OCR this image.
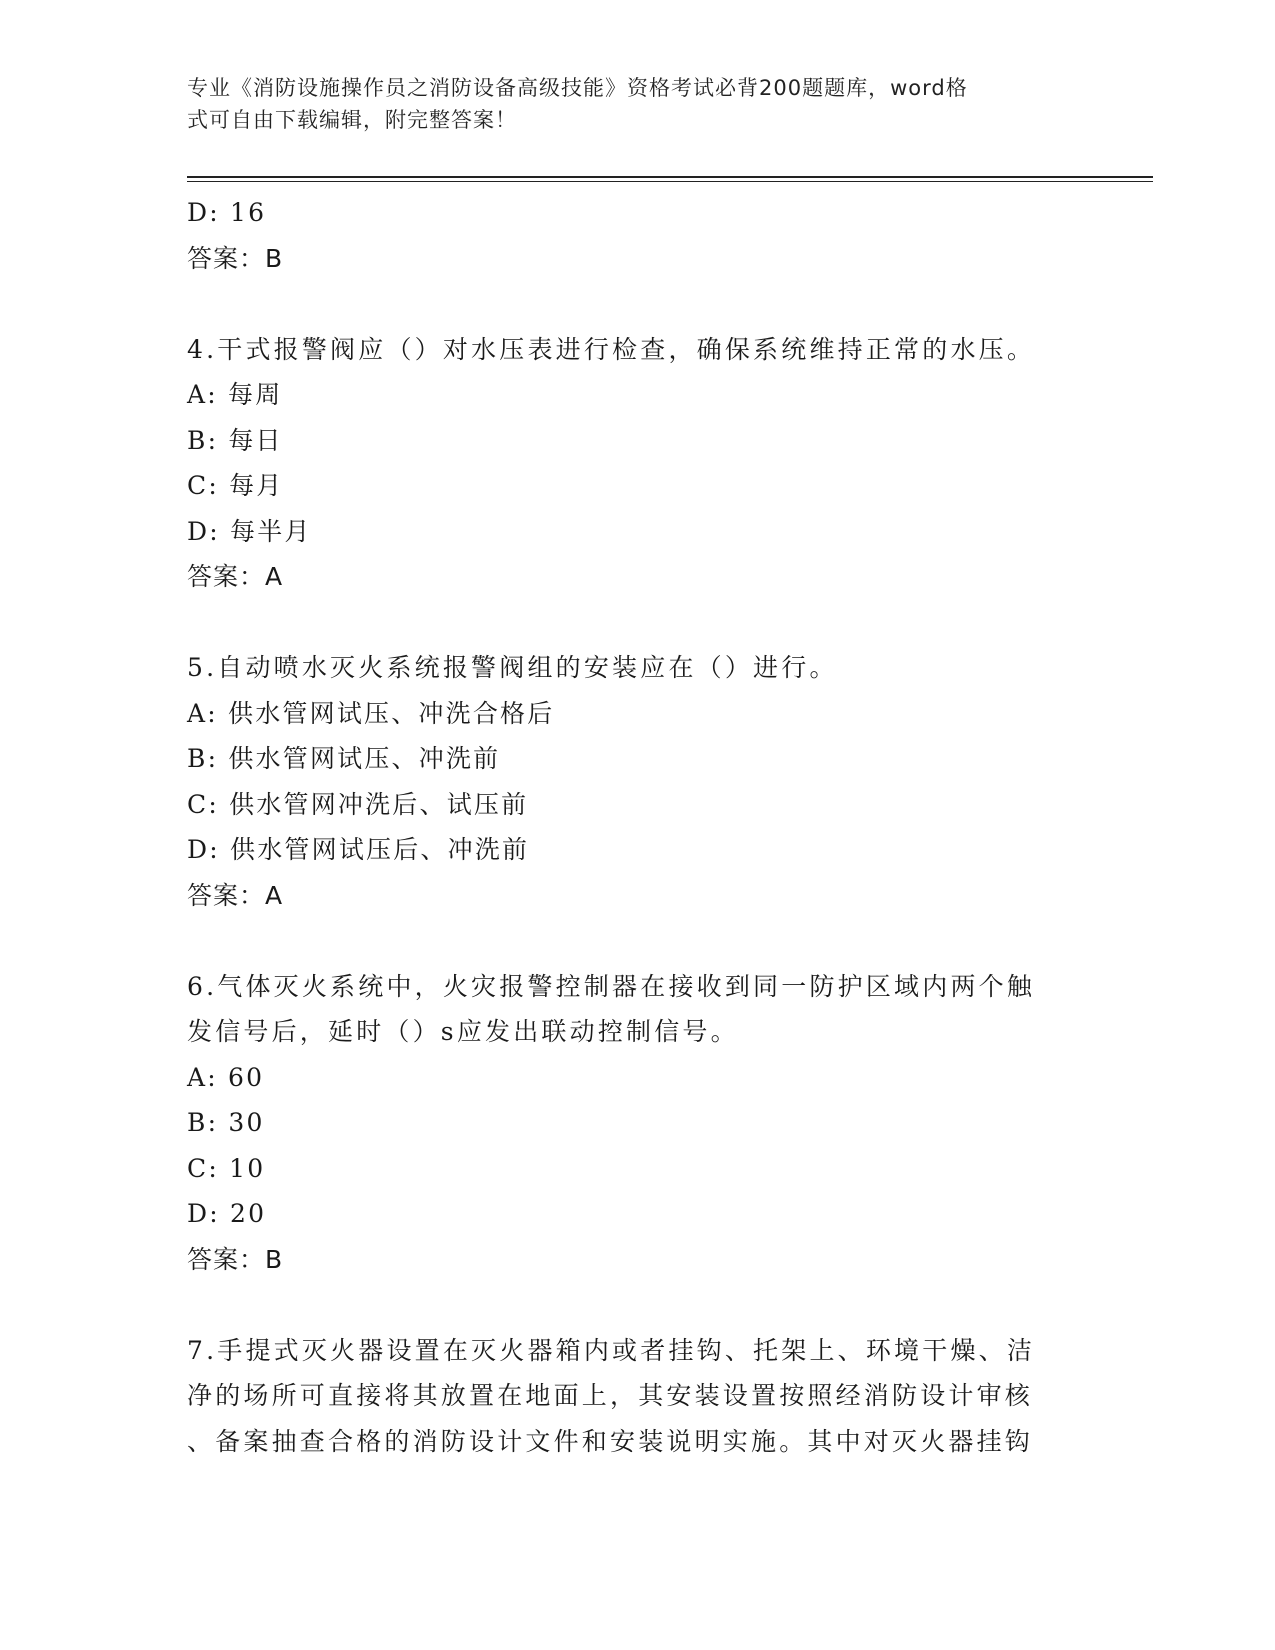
专业《消防设施操作员之消防设备高级技能》资格考试必背200题题库，word格
式可自由下载编辑，附完整答案！
D: 16
答案：B
4.干式报警阀应（）对水压表进行检查，确保系统维持正常的水压。
A: 每周
B: 每日
C: 每月
D: 每半月
答案：A
5.自动喷水灭火系统报警阀组的安装应在（）进行。
A: 供水管网试压、冲洗合格后
B: 供水管网试压、冲洗前
C: 供水管网冲洗后、试压前
D: 供水管网试压后、冲洗前
答案：A
6.气体灭火系统中，火灾报警控制器在接收到同一防护区域内两个触
发信号后，延时（）s应发出联动控制信号。
A: 60
B: 30
C: 10
D: 20
答案：B
7.手提式灭火器设置在灭火器箱内或者挂钩、托架上、环境干燥、洁
净的场所可直接将其放置在地面上，其安装设置按照经消防设计审核
、备案抽查合格的消防设计文件和安装说明实施。其中对灭火器挂钩
